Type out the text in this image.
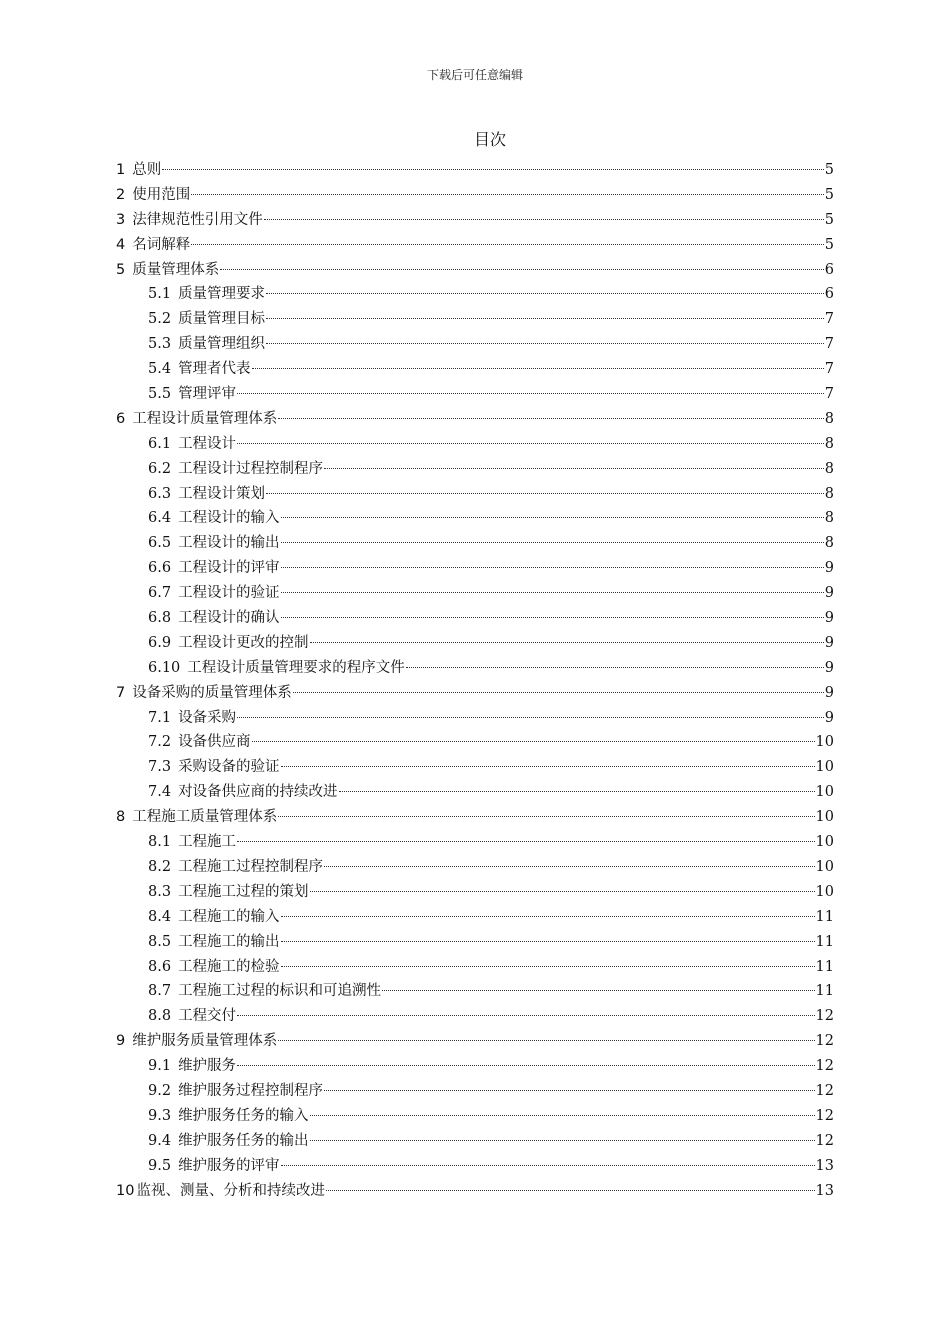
下载后可任意编辑
目次
1 总则	5
2 使用范围	5
3 法律规范性引用文件	5
4 名词解释	5
5 质量管理体系	6
5.1 质量管理要求	6
5.2 质量管理目标	7
5.3 质量管理组织	7
5.4 管理者代表	7
5.5 管理评审	7
6 工程设计质量管理体系	8
6.1 工程设计	8
6.2 工程设计过程控制程序	8
6.3 工程设计策划	8
6.4 工程设计的输入	8
6.5 工程设计的输出	8
6.6 工程设计的评审	9
6.7 工程设计的验证	9
6.8 工程设计的确认	9
6.9 工程设计更改的控制	9
6.10 工程设计质量管理要求的程序文件	9
7 设备采购的质量管理体系	9
7.1 设备采购	9
7.2 设备供应商	10
7.3 采购设备的验证	10
7.4 对设备供应商的持续改进	10
8 工程施工质量管理体系	10
8.1 工程施工	10
8.2 工程施工过程控制程序	10
8.3 工程施工过程的策划	10
8.4 工程施工的输入	11
8.5 工程施工的输出	11
8.6 工程施工的检验	11
8.7 工程施工过程的标识和可追溯性	11
8.8 工程交付	12
9 维护服务质量管理体系	12
9.1 维护服务	12
9.2 维护服务过程控制程序	12
9.3 维护服务任务的输入	12
9.4 维护服务任务的输出	12
9.5 维护服务的评审	13
10 监视、测量、分析和持续改进	13
